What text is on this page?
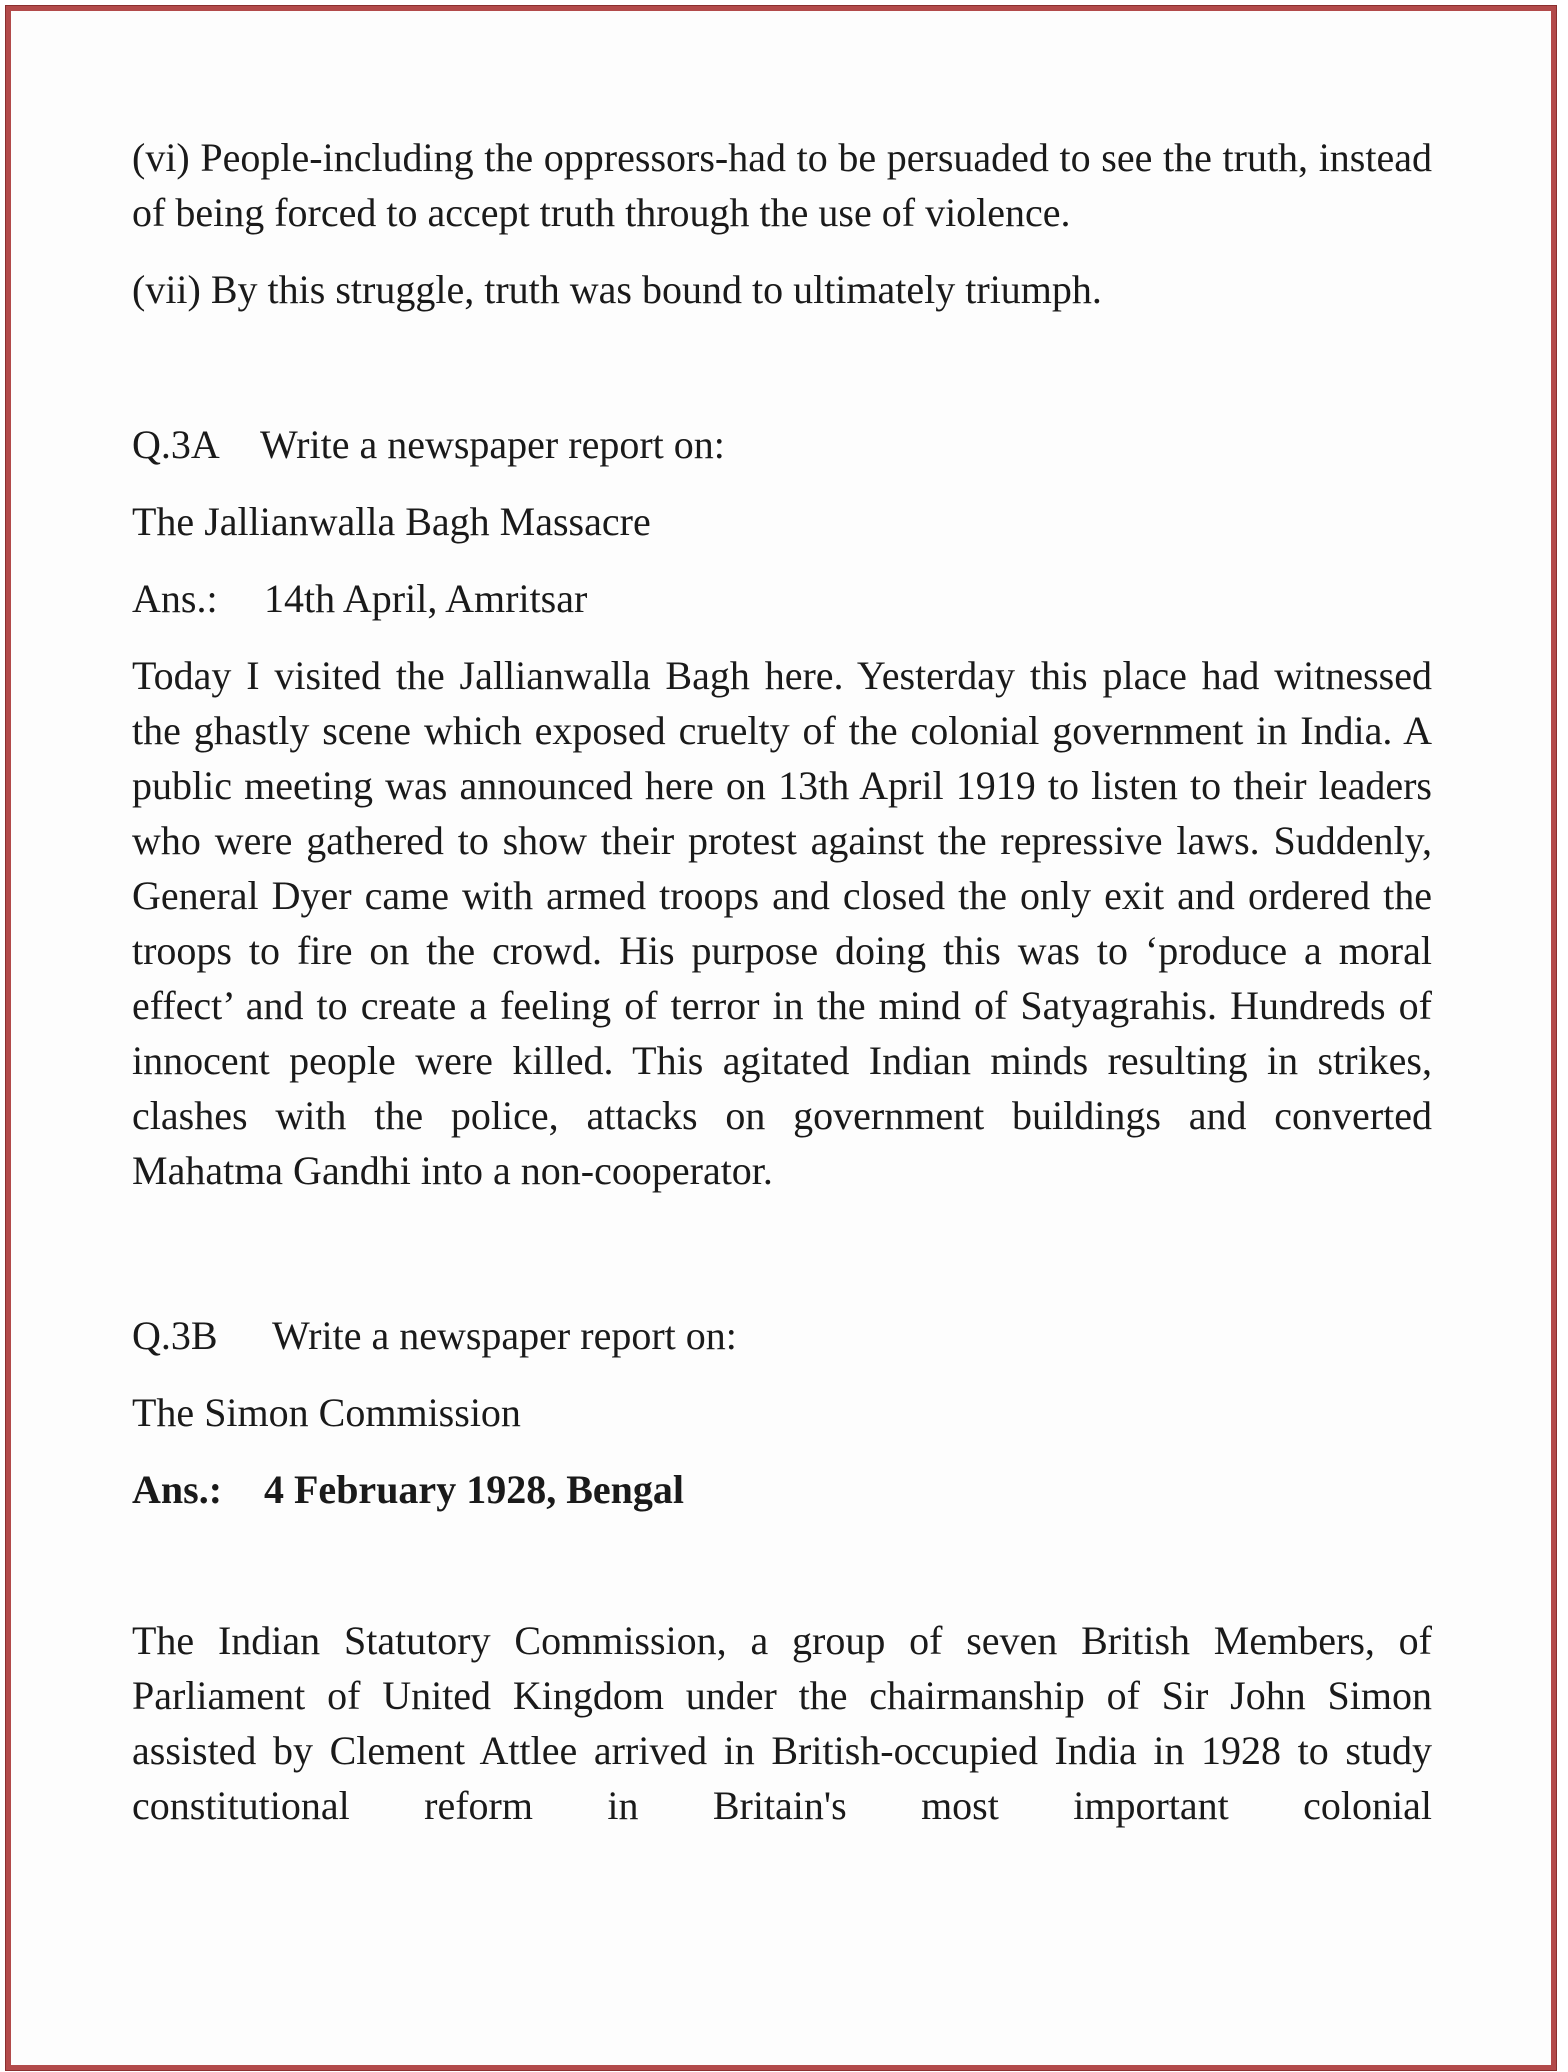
(vi) People-including the oppressors-had to be persuaded to see the truth, instead of being forced to accept truth through the use of violence.

(vii) By this struggle, truth was bound to ultimately triumph.

Q.3A Write a newspaper report on:

The Jallianwalla Bagh Massacre

Ans.: 14th April, Amritsar

Today I visited the Jallianwalla Bagh here. Yesterday this place had witnessed the ghastly scene which exposed cruelty of the colonial government in India. A public meeting was announced here on 13th April 1919 to listen to their leaders who were gathered to show their protest against the repressive laws. Suddenly, General Dyer came with armed troops and closed the only exit and ordered the troops to fire on the crowd. His purpose doing this was to ‘produce a moral effect’ and to create a feeling of terror in the mind of Satyagrahis. Hundreds of innocent people were killed. This agitated Indian minds resulting in strikes, clashes with the police, attacks on government buildings and converted Mahatma Gandhi into a non-cooperator.

Q.3B Write a newspaper report on:

The Simon Commission

Ans.: 4 February 1928, Bengal

The Indian Statutory Commission, a group of seven British Members, of Parliament of United Kingdom under the chairmanship of Sir John Simon assisted by Clement Attlee arrived in British-occupied India in 1928 to study constitutional reform in Britain's most important colonial
